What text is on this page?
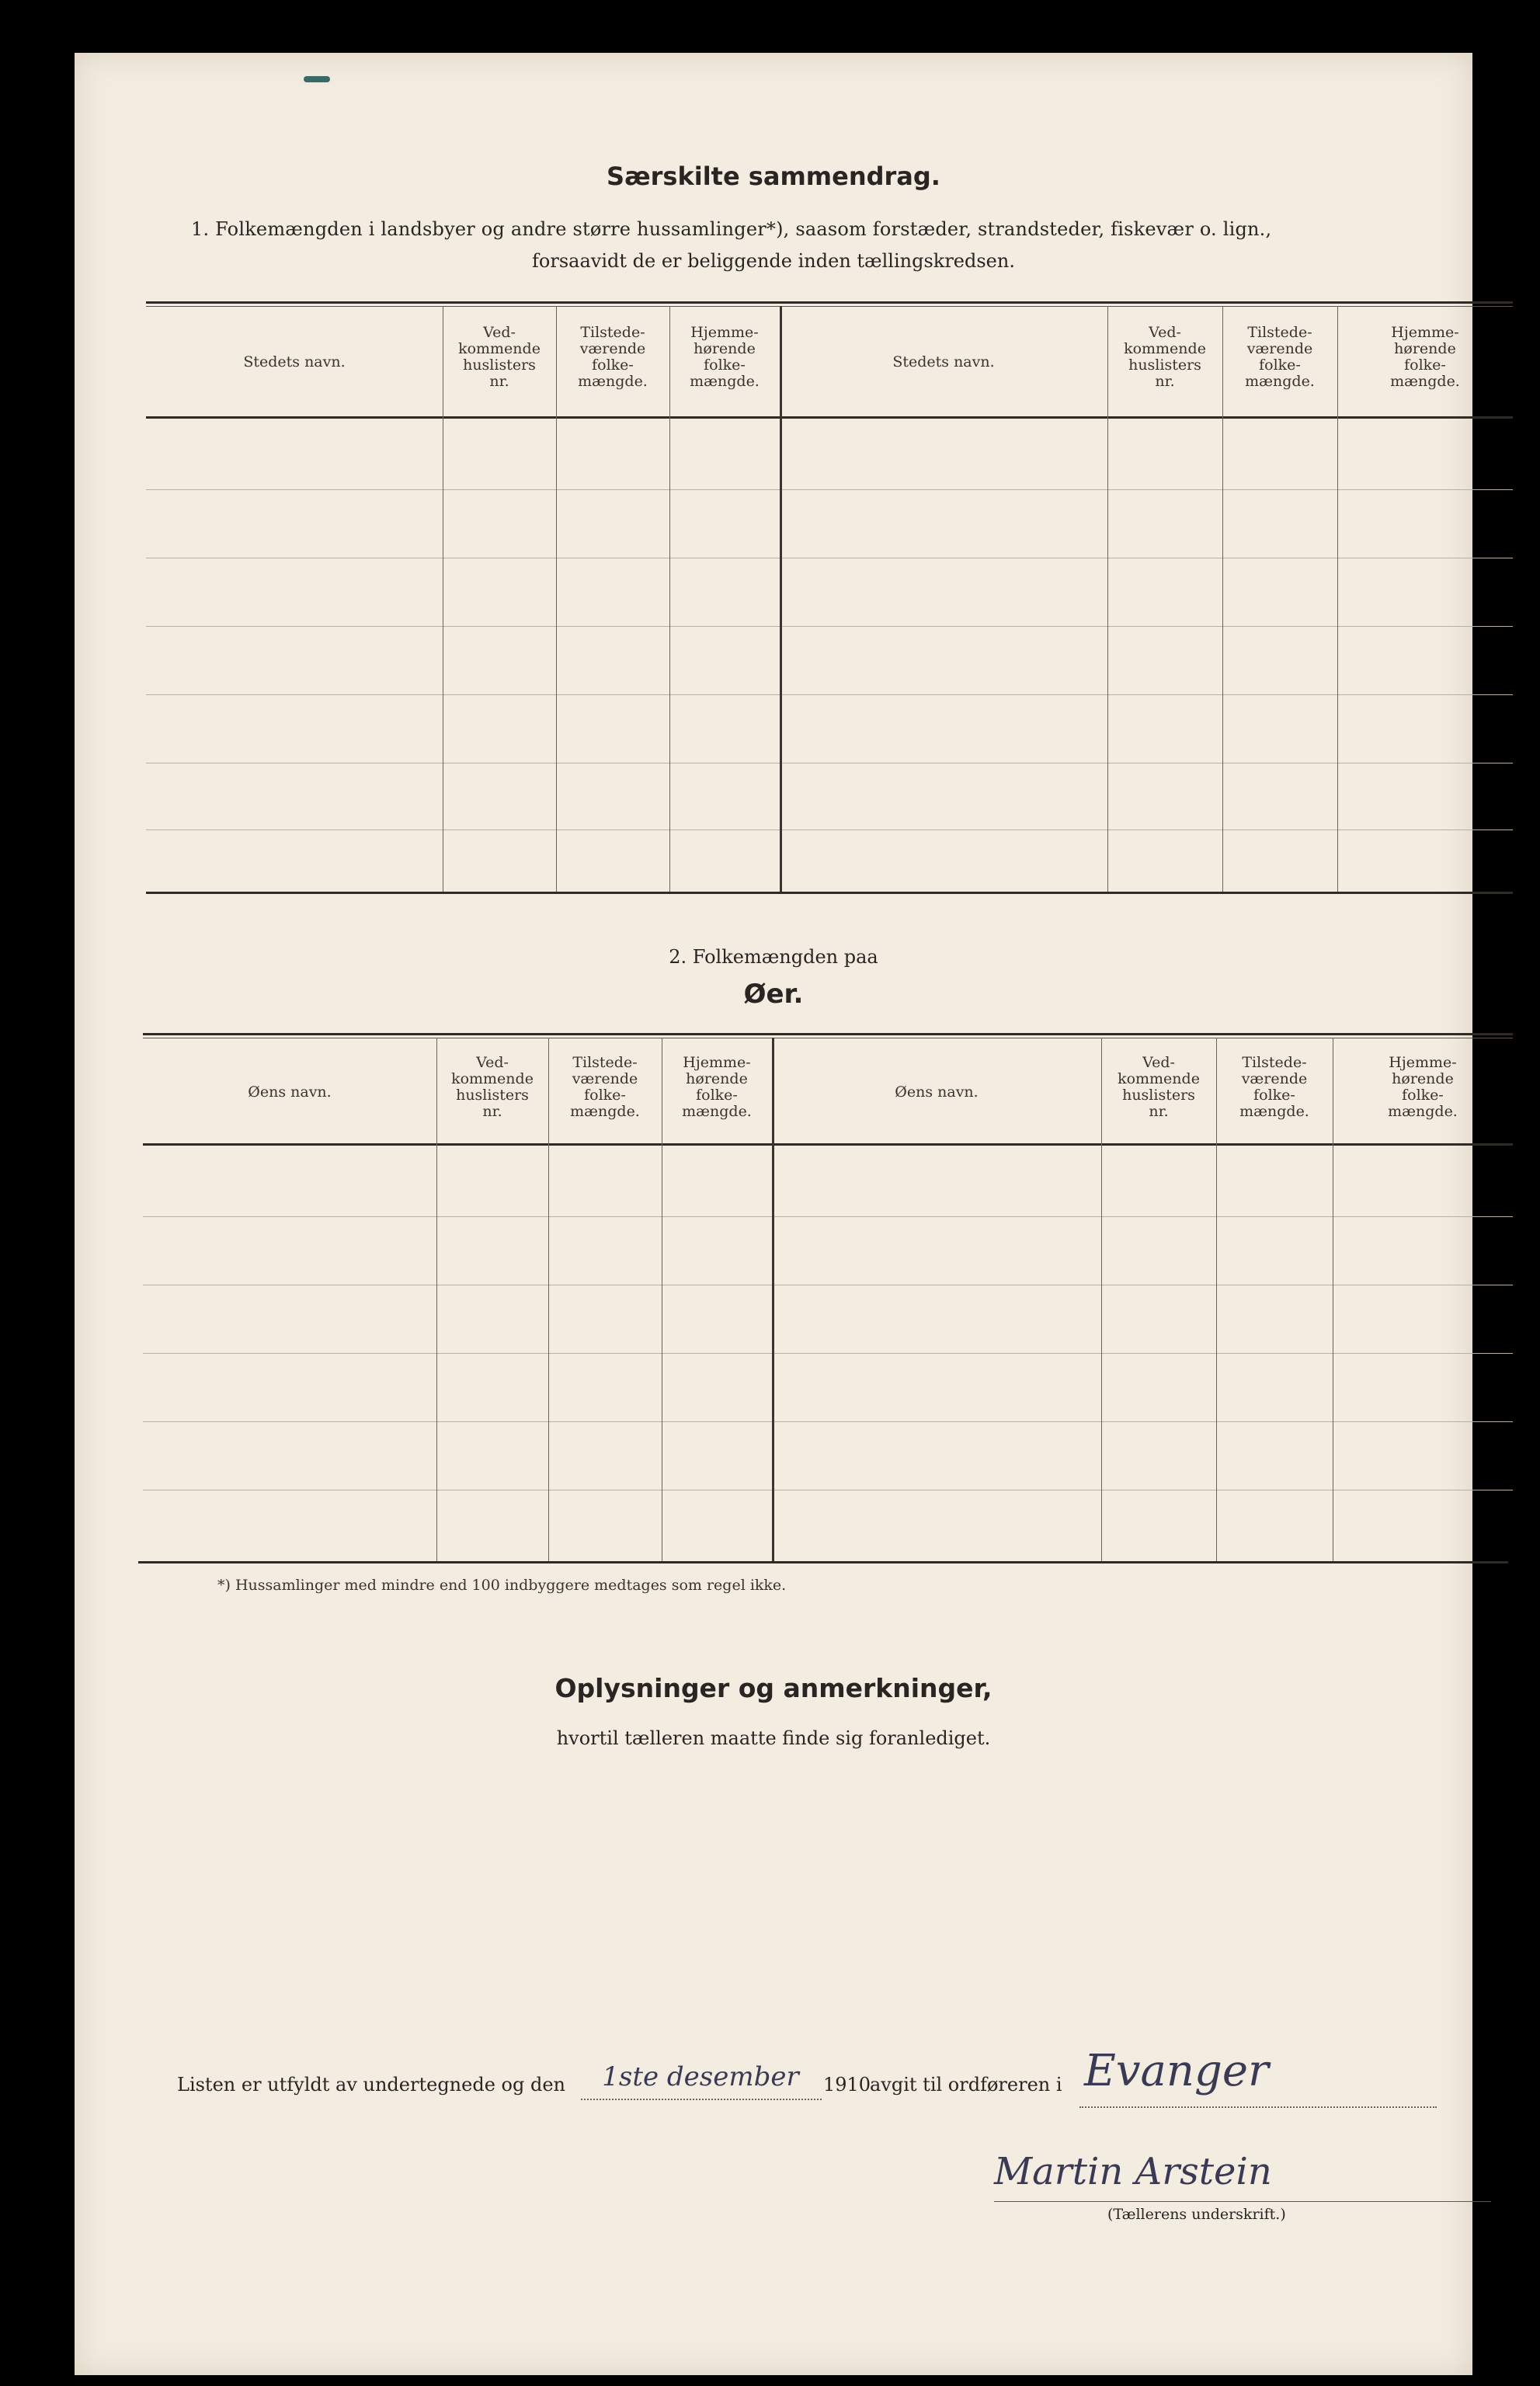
Særskilte sammendrag.
1. Folkemængden i landsbyer og andre større hussamlinger*), saasom forstæder, strandsteder, fiskevær o. lign.,
forsaavidt de er beliggende inden tællingskredsen.
Stedets navn.
Ved-
kommende
huslisters
nr.
Tilstede-
værende
folke-
mængde.
Hjemme-
hørende
folke-
mængde.
Stedets navn.
Ved-
kommende
huslisters
nr.
Tilstede-
værende
folke-
mængde.
Hjemme-
hørende
folke-
mængde.
2. Folkemængden paa
Øer.
Øens navn.
Ved-
kommende
huslisters
nr.
Tilstede-
værende
folke-
mængde.
Hjemme-
hørende
folke-
mængde.
Øens navn.
Ved-
kommende
huslisters
nr.
Tilstede-
værende
folke-
mængde.
Hjemme-
hørende
folke-
mængde.
*) Hussamlinger med mindre end 100 indbyggere medtages som regel ikke.
Oplysninger og anmerkninger,
hvortil tælleren maatte finde sig foranlediget.
Listen er utfyldt av undertegnede og den	1ste desember	1910
avgit til ordføreren i Evanger
Martin Arstein
(Tællerens underskrift.)
